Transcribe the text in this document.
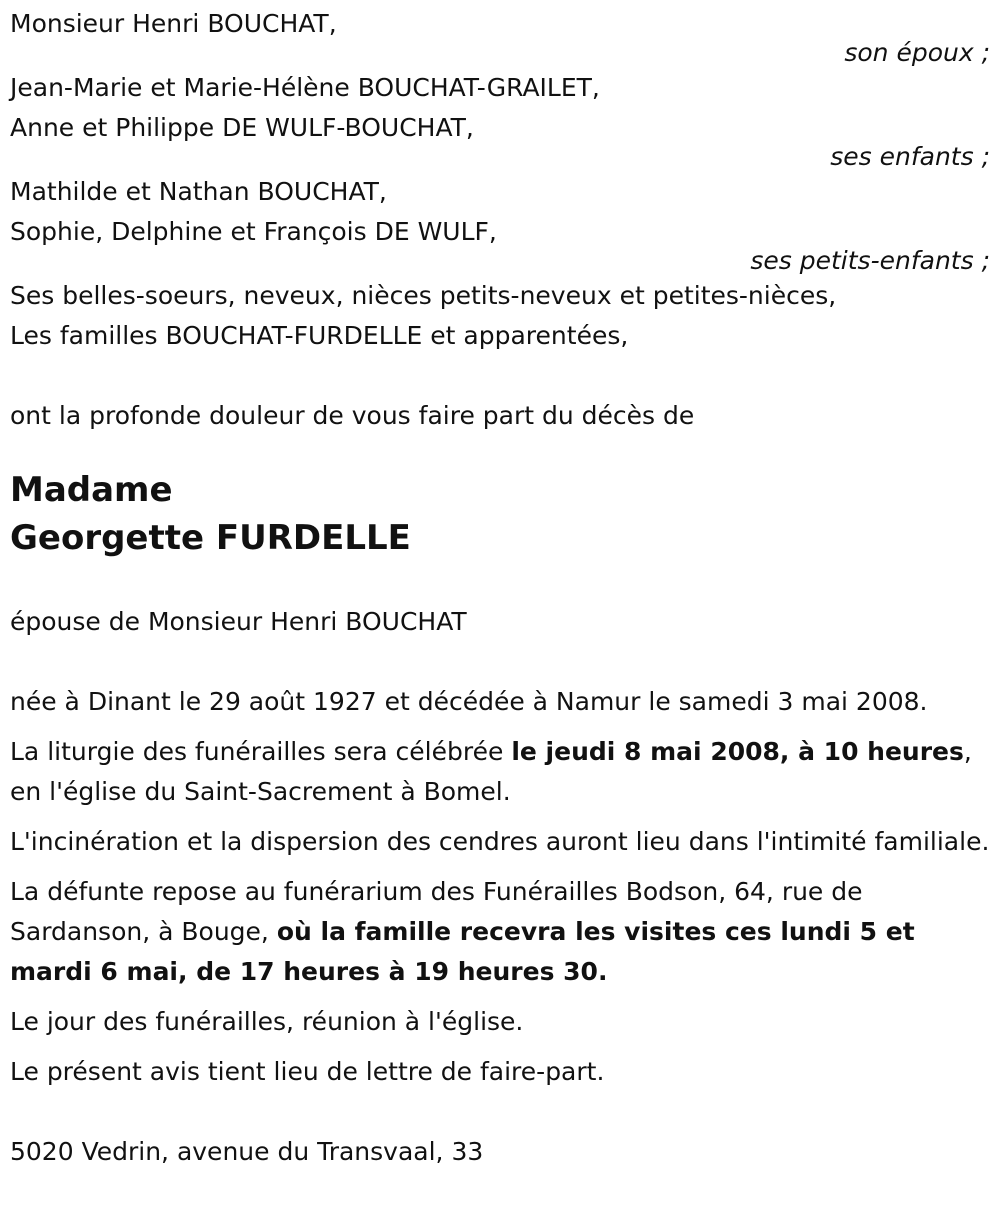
Monsieur Henri BOUCHAT,
son époux ;
Jean-Marie et Marie-Hélène BOUCHAT-GRAILET,
Anne et Philippe DE WULF-BOUCHAT,
ses enfants ;
Mathilde et Nathan BOUCHAT,
Sophie, Delphine et François DE WULF,
ses petits-enfants ;
Ses belles-soeurs, neveux, nièces petits-neveux et petites-nièces,
Les familles BOUCHAT-FURDELLE et apparentées,
ont la profonde douleur de vous faire part du décès de
Madame
Georgette FURDELLE
épouse de Monsieur Henri BOUCHAT
née à Dinant le 29 août 1927 et décédée à Namur le samedi 3 mai 2008.
La liturgie des funérailles sera célébrée le jeudi 8 mai 2008, à 10 heures,
en l'église du Saint-Sacrement à Bomel.
L'incinération et la dispersion des cendres auront lieu dans l'intimité familiale.
La défunte repose au funérarium des Funérailles Bodson, 64, rue de Sardanson, à Bouge, où la famille recevra les visites ces lundi 5 et mardi 6 mai, de 17 heures à 19 heures 30.
Le jour des funérailles, réunion à l'église.
Le présent avis tient lieu de lettre de faire-part.
5020 Vedrin, avenue du Transvaal, 33
